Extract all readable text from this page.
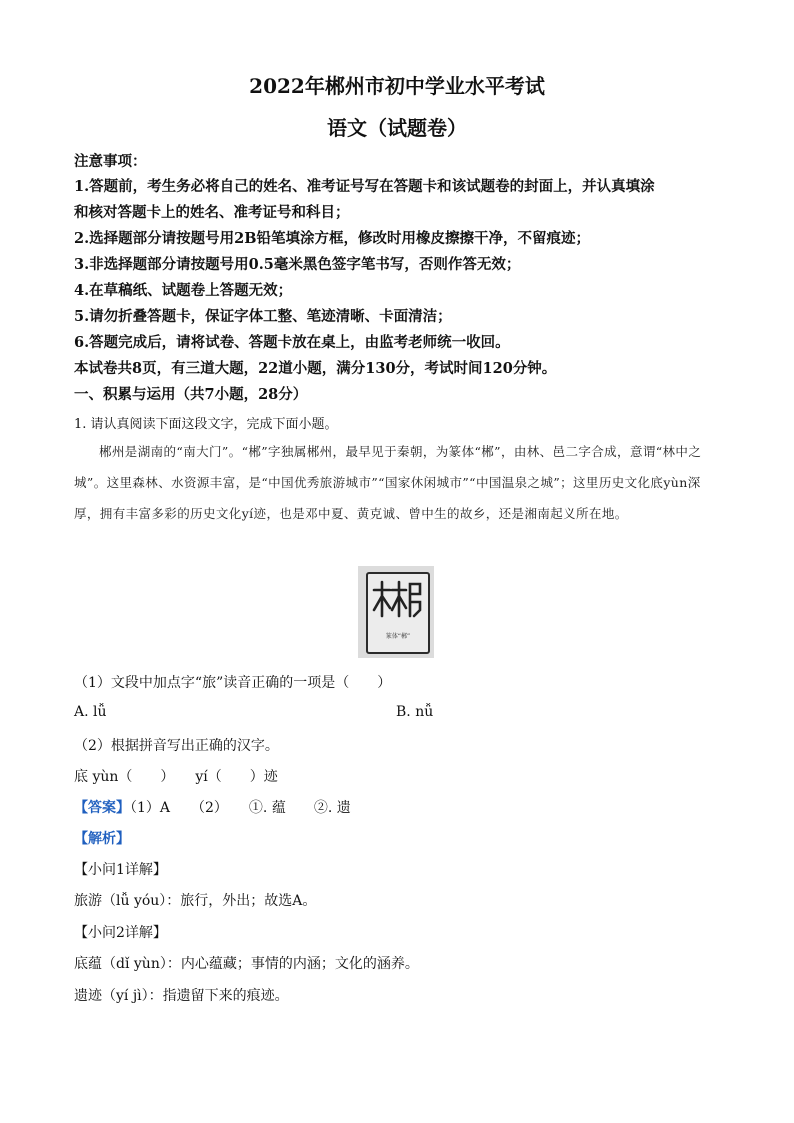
2022年郴州市初中学业水平考试
语文（试题卷）
注意事项：
1.答题前，考生务必将自己的姓名、准考证号写在答题卡和该试题卷的封面上，并认真填涂
和核对答题卡上的姓名、准考证号和科目；
2.选择题部分请按题号用2B铅笔填涂方框，修改时用橡皮擦擦干净，不留痕迹；
3.非选择题部分请按题号用0.5毫米黑色签字笔书写，否则作答无效；
4.在草稿纸、试题卷上答题无效；
5.请勿折叠答题卡，保证字体工整、笔迹清晰、卡面清洁；
6.答题完成后，请将试卷、答题卡放在桌上，由监考老师统一收回。
本试卷共8页，有三道大题，22道小题，满分130分，考试时间120分钟。
一、积累与运用（共7小题，28分）
1. 请认真阅读下面这段文字，完成下面小题。
郴州是湖南的“南大门”。“郴”字独属郴州，最早见于秦朝，为篆体“郴”，由林、邑二字合成，意谓“林中之城”。这里森林、水资源丰富，是“中国优秀旅游城市”“国家休闲城市”“中国温泉之城”；这里历史文化底yùn深厚，拥有丰富多彩的历史文化yí迹，也是邓中夏、黄克诚、曾中生的故乡，还是湘南起义所在地。
篆体“郴”
（1）文段中加点字“旅”读音正确的一项是（　　）
A. lǚ	B. nǚ
（2）根据拼音写出正确的汉字。
底 yùn（　　）　　yí（　　）迹
【答案】（1）A　　（2）　　①. 蕴　　②. 遗
【解析】
【小问1详解】
旅游（lǚ yóu）：旅行，外出；故选A。
【小问2详解】
底蕴（dǐ yùn）：内心蕴藏；事情的内涵；文化的涵养。
遗迹（yí jì）：指遗留下来的痕迹。
